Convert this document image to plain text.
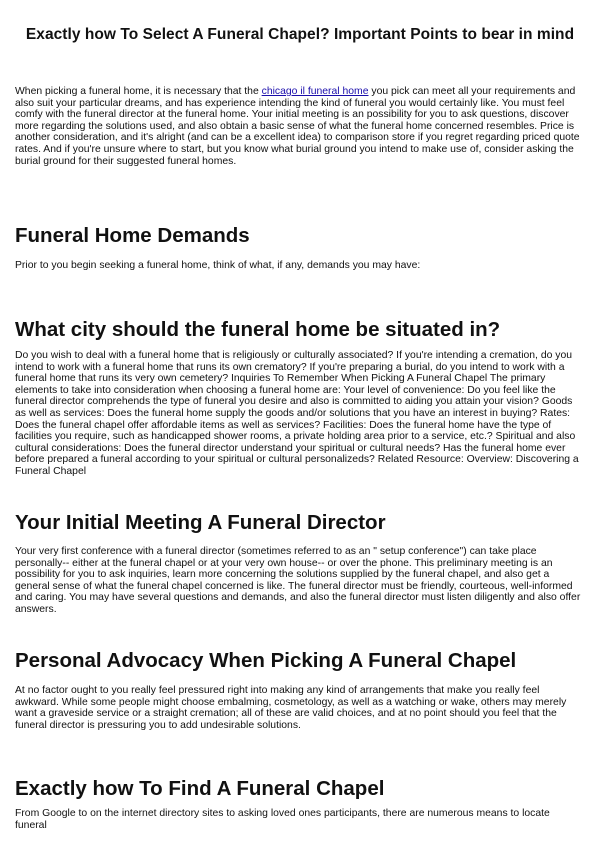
Exactly how To Select A Funeral Chapel? Important Points to bear in mind

When picking a funeral home, it is necessary that the chicago il funeral home you pick can meet all your requirements and also suit your particular dreams, and has experience intending the kind of funeral you would certainly like. You must feel comfy with the funeral director at the funeral home. Your initial meeting is an possibility for you to ask questions, discover more regarding the solutions used, and also obtain a basic sense of what the funeral home concerned resembles. Price is another consideration, and it's alright (and can be a excellent idea) to comparison store if you regret regarding priced quote rates. And if you're unsure where to start, but you know what burial ground you intend to make use of, consider asking the burial ground for their suggested funeral homes.

Funeral Home Demands

Prior to you begin seeking a funeral home, think of what, if any, demands you may have:

What city should the funeral home be situated in?

Do you wish to deal with a funeral home that is religiously or culturally associated? If you're intending a cremation, do you intend to work with a funeral home that runs its own crematory? If you're preparing a burial, do you intend to work with a funeral home that runs its very own cemetery? Inquiries To Remember When Picking A Funeral Chapel The primary elements to take into consideration when choosing a funeral home are: Your level of convenience: Do you feel like the funeral director comprehends the type of funeral you desire and also is committed to aiding you attain your vision? Goods as well as services: Does the funeral home supply the goods and/or solutions that you have an interest in buying? Rates: Does the funeral chapel offer affordable items as well as services? Facilities: Does the funeral home have the type of facilities you require, such as handicapped shower rooms, a private holding area prior to a service, etc.? Spiritual and also cultural considerations: Does the funeral director understand your spiritual or cultural needs? Has the funeral home ever before prepared a funeral according to your spiritual or cultural personalizeds? Related Resource: Overview: Discovering a Funeral Chapel

Your Initial Meeting A Funeral Director

Your very first conference with a funeral director (sometimes referred to as an " setup conference") can take place personally-- either at the funeral chapel or at your very own house-- or over the phone. This preliminary meeting is an possibility for you to ask inquiries, learn more concerning the solutions supplied by the funeral chapel, and also get a general sense of what the funeral chapel concerned is like. The funeral director must be friendly, courteous, well-informed and caring. You may have several questions and demands, and also the funeral director must listen diligently and also offer answers.

Personal Advocacy When Picking A Funeral Chapel

At no factor ought to you really feel pressured right into making any kind of arrangements that make you really feel awkward. While some people might choose embalming, cosmetology, as well as a watching or wake, others may merely want a graveside service or a straight cremation; all of these are valid choices, and at no point should you feel that the funeral director is pressuring you to add undesirable solutions.

Exactly how To Find A Funeral Chapel

From Google to on the internet directory sites to asking loved ones participants, there are numerous means to locate funeral
